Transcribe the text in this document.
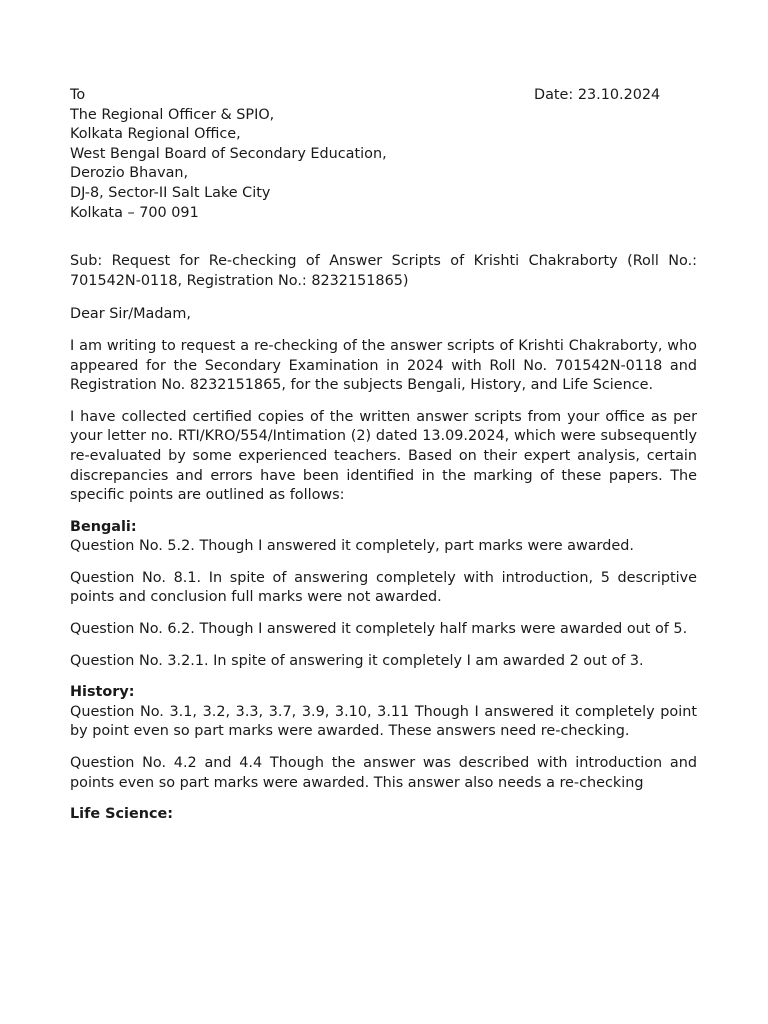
To	Date: 23.10.2024
The Regional Officer & SPIO,
Kolkata Regional Office,
West Bengal Board of Secondary Education,
Derozio Bhavan,
DJ-8, Sector-II Salt Lake City
Kolkata – 700 091

Sub: Request for Re-checking of Answer Scripts of Krishti Chakraborty (Roll No.: 701542N-0118, Registration No.: 8232151865)

Dear Sir/Madam,

I am writing to request a re-checking of the answer scripts of Krishti Chakraborty, who appeared for the Secondary Examination in 2024 with Roll No. 701542N-0118 and Registration No. 8232151865, for the subjects Bengali, History, and Life Science.

I have collected certified copies of the written answer scripts from your office as per your letter no. RTI/KRO/554/Intimation (2) dated 13.09.2024, which were subsequently re-evaluated by some experienced teachers. Based on their expert analysis, certain discrepancies and errors have been identified in the marking of these papers. The specific points are outlined as follows:

Bengali:

Question No. 5.2. Though I answered it completely, part marks were awarded.

Question No. 8.1. In spite of answering completely with introduction, 5 descriptive points and conclusion full marks were not awarded.

Question No. 6.2. Though I answered it completely half marks were awarded out of 5.

Question No. 3.2.1. In spite of answering it completely I am awarded 2 out of 3.

History:

Question No. 3.1, 3.2, 3.3, 3.7, 3.9, 3.10, 3.11 Though I answered it completely point by point even so part marks were awarded. These answers need re-checking.

Question No. 4.2 and 4.4 Though the answer was described with introduction and points even so part marks were awarded. This answer also needs a re-checking

Life Science:
